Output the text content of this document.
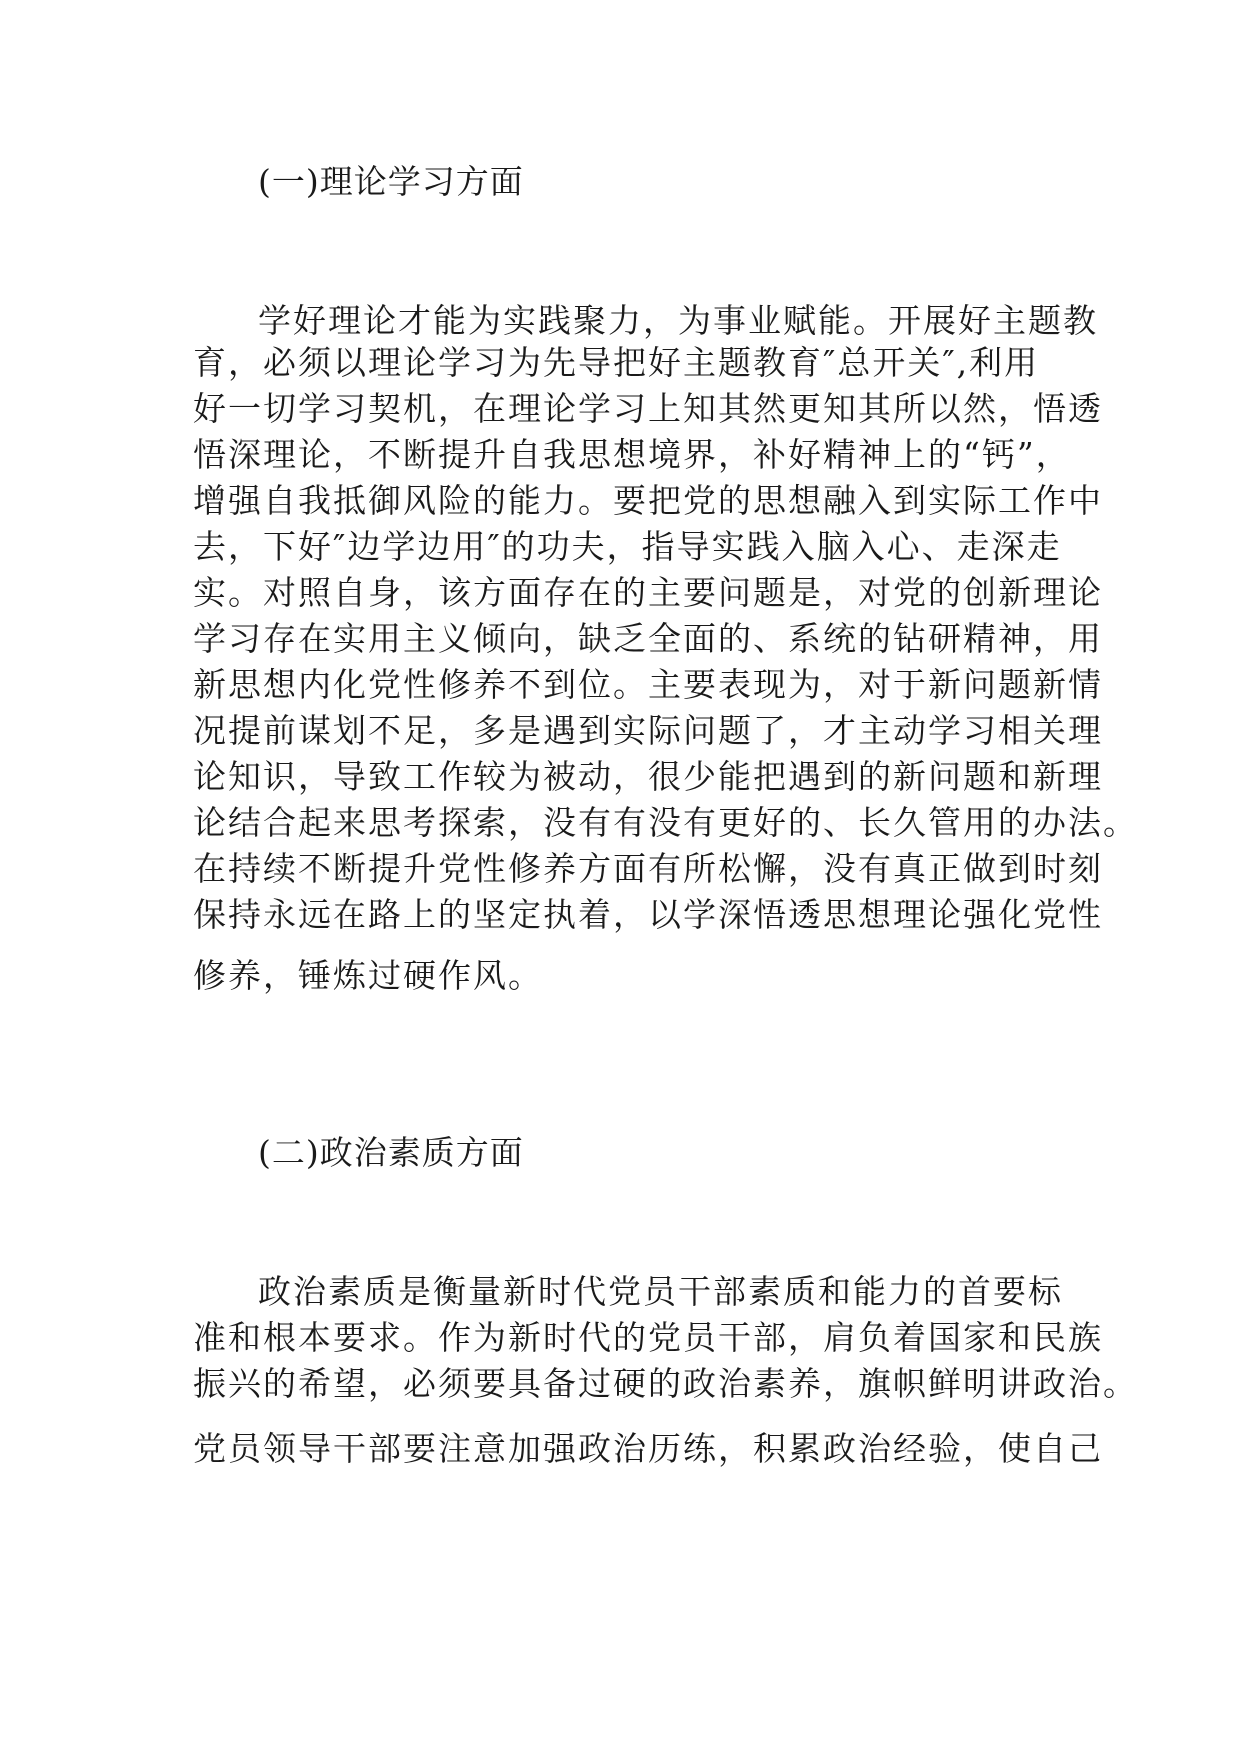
(一)理论学习方面
学好理论才能为实践聚力，为事业赋能。开展好主题教
育，必须以理论学习为先导把好主题教育″总开关″,利用
好一切学习契机，在理论学习上知其然更知其所以然，悟透
悟深理论，不断提升自我思想境界，补好精神上的“钙”，
增强自我抵御风险的能力。要把党的思想融入到实际工作中
去，下好″边学边用″的功夫，指导实践入脑入心、走深走
实。对照自身，该方面存在的主要问题是，对党的创新理论
学习存在实用主义倾向，缺乏全面的、系统的钻研精神，用
新思想内化党性修养不到位。主要表现为，对于新问题新情
况提前谋划不足，多是遇到实际问题了，才主动学习相关理
论知识，导致工作较为被动，很少能把遇到的新问题和新理
论结合起来思考探索，没有有没有更好的、长久管用的办法。
在持续不断提升党性修养方面有所松懈，没有真正做到时刻
保持永远在路上的坚定执着，以学深悟透思想理论强化党性
修养，锤炼过硬作风。
(二)政治素质方面
政治素质是衡量新时代党员干部素质和能力的首要标
准和根本要求。作为新时代的党员干部，肩负着国家和民族
振兴的希望，必须要具备过硬的政治素养，旗帜鲜明讲政治。
党员领导干部要注意加强政治历练，积累政治经验，使自己
